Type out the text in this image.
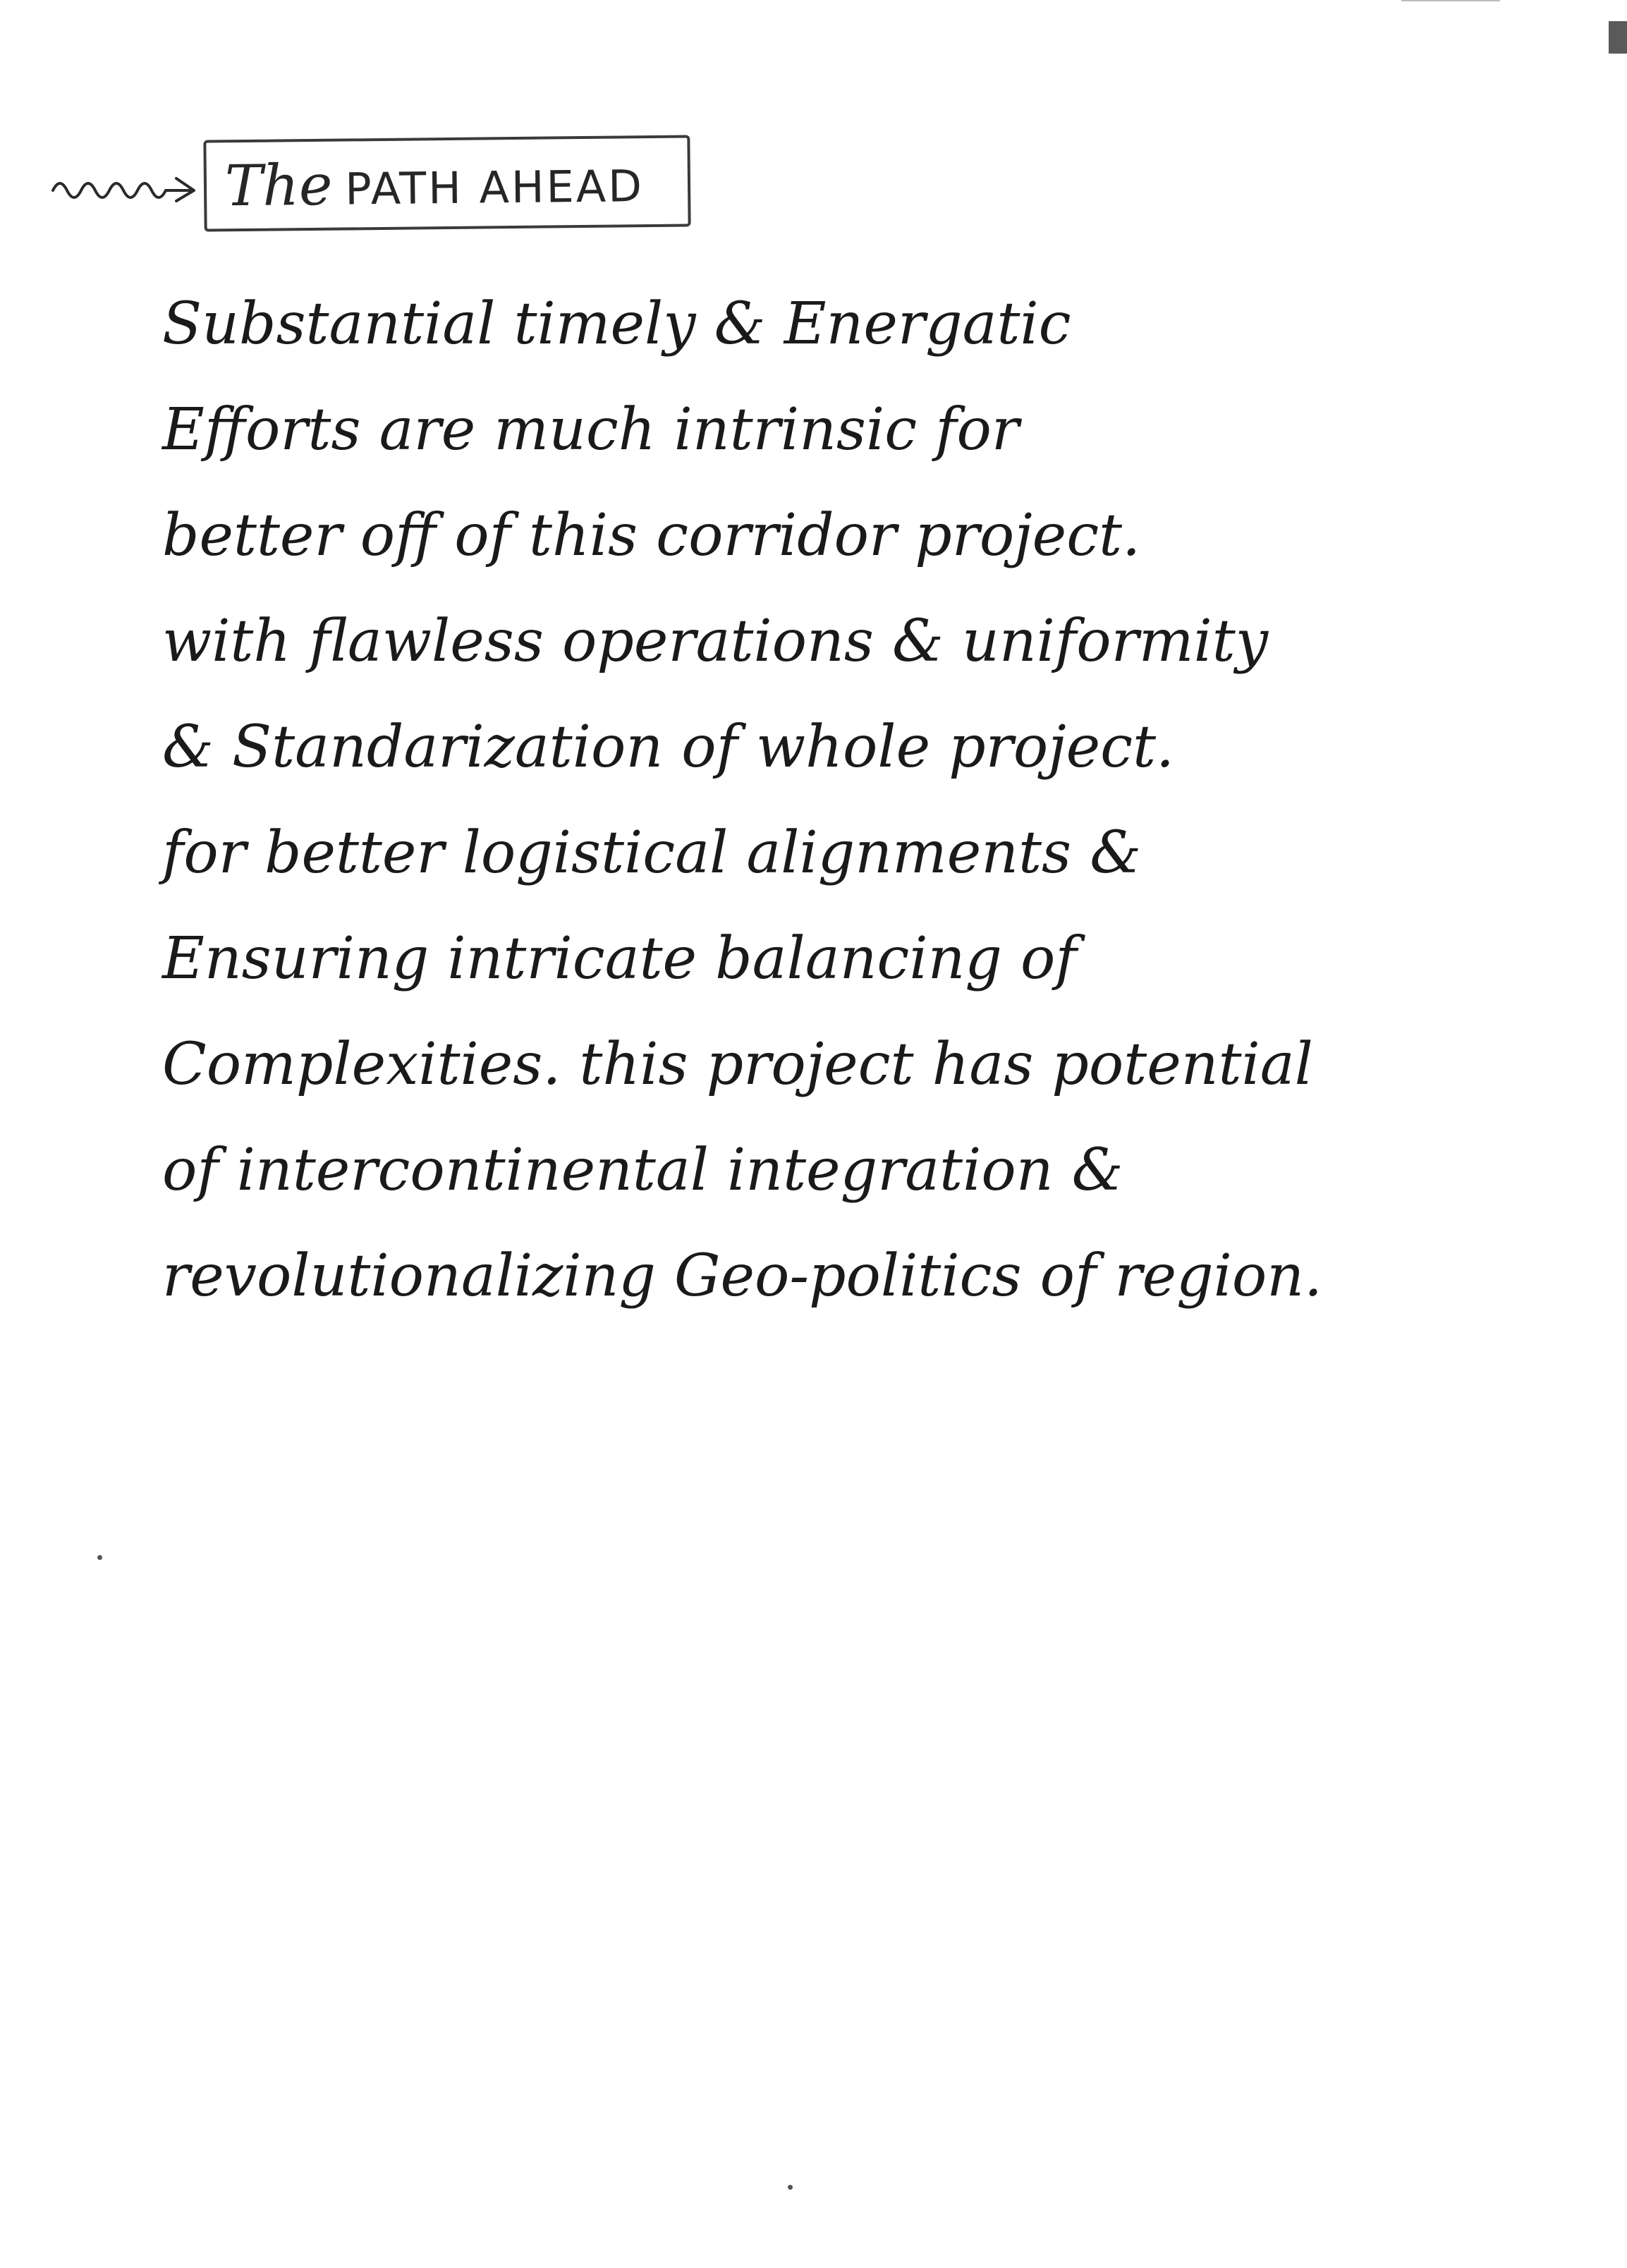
The PATH AHEAD
Substantial timely & Energatic
Efforts are much intrinsic for
better off of this corridor project.
with flawless operations & uniformity
& Standarization of whole project.
for better logistical alignments &
Ensuring intricate balancing of
Complexities. this project has potential
of intercontinental integration &
revolutionalizing Geo-politics of region.
